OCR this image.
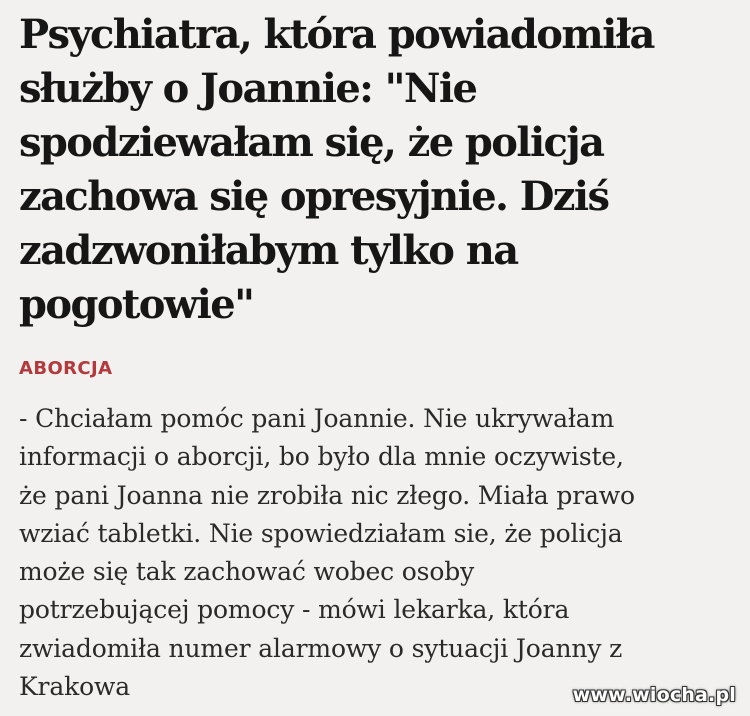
Psychiatra, która powiadomiła
służby o Joannie: "Nie
spodziewałam się, że policja
zachowa się opresyjnie. Dziś
zadzwoniłabym tylko na
pogotowie"
ABORCJA
- Chciałam pomóc pani Joannie. Nie ukrywałam
informacji o aborcji, bo było dla mnie oczywiste,
że pani Joanna nie zrobiła nic złego. Miała prawo
wziać tabletki. Nie spowiedziałam sie, że policja
może się tak zachować wobec osoby
potrzebującej pomocy - mówi lekarka, która
zwiadomiła numer alarmowy o sytuacji Joanny z
Krakowa	www.wiocha.pl
